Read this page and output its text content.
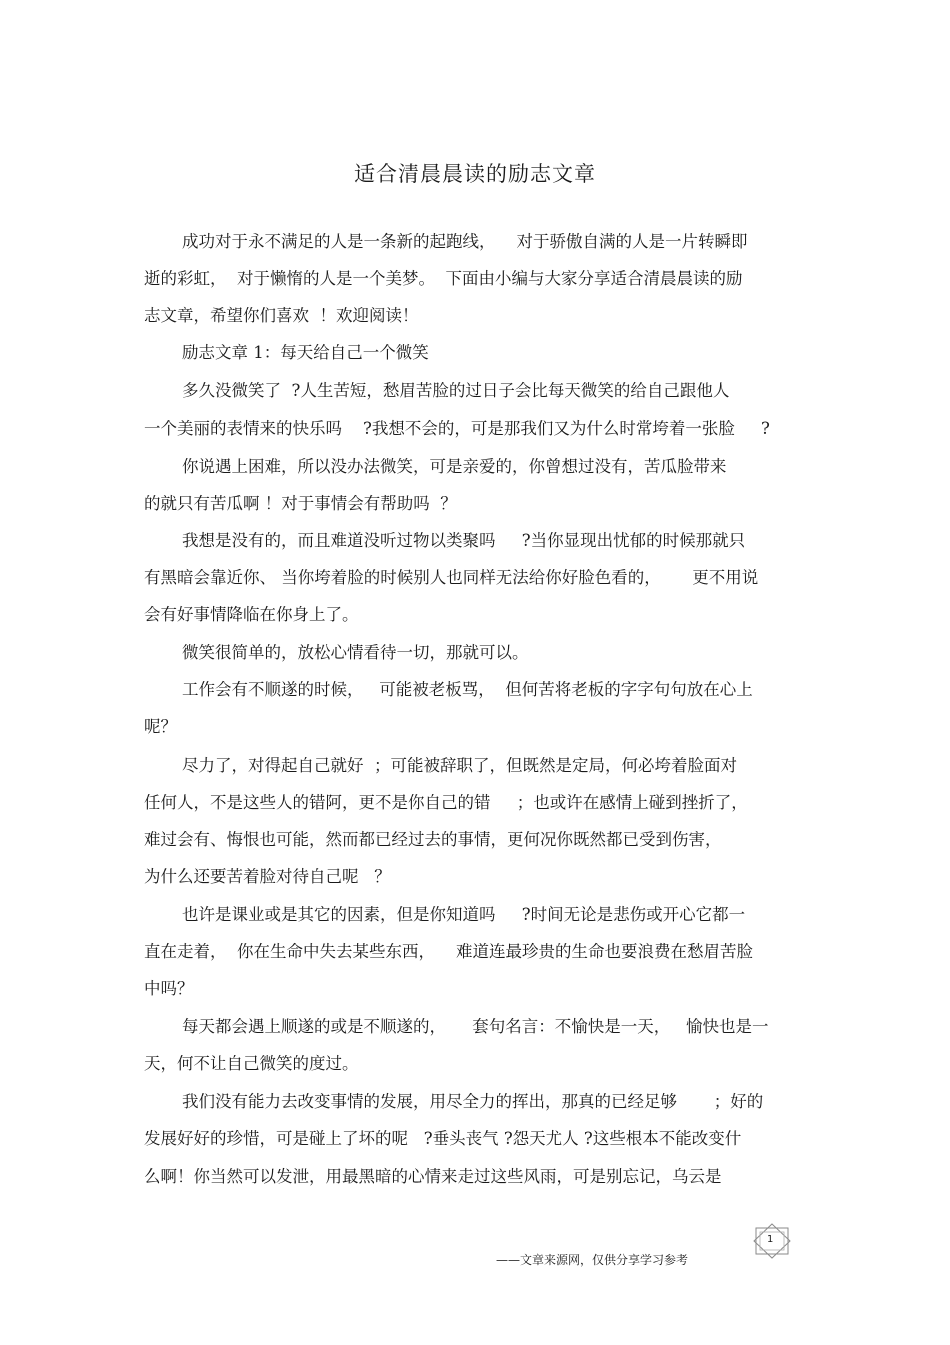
适合清晨晨读的励志文章
成功对于永不满足的人是一条新的起跑线，    对于骄傲自满的人是一片转瞬即
逝的彩虹，  对于懒惰的人是一个美梦。  下面由小编与大家分享适合清晨晨读的励
志文章，希望你们喜欢  ！欢迎阅读！
励志文章 1：每天给自己一个微笑
多久没微笑了  ?人生苦短，愁眉苦脸的过日子会比每天微笑的给自己跟他人
一个美丽的表情来的快乐吗    ?我想不会的，可是那我们又为什么时常垮着一张脸     ?
你说遇上困难，所以没办法微笑，可是亲爱的，你曾想过没有，苦瓜脸带来
的就只有苦瓜啊 ！对于事情会有帮助吗  ？
我想是没有的，而且难道没听过物以类聚吗     ?当你显现出忧郁的时候那就只
有黑暗会靠近你、 当你垮着脸的时候别人也同样无法给你好脸色看的，      更不用说
会有好事情降临在你身上了。
微笑很简单的，放松心情看待一切，那就可以。
工作会有不顺遂的时候，   可能被老板骂，  但何苦将老板的字字句句放在心上
呢？
尽力了，对得起自己就好  ；可能被辞职了，但既然是定局，何必垮着脸面对
任何人，不是这些人的错阿，更不是你自己的错     ；也或许在感情上碰到挫折了，
难过会有、悔恨也可能，然而都已经过去的事情，更何况你既然都已受到伤害，
为什么还要苦着脸对待自己呢   ？
也许是课业或是其它的因素，但是你知道吗     ?时间无论是悲伤或开心它都一
直在走着，  你在生命中失去某些东西，    难道连最珍贵的生命也要浪费在愁眉苦脸
中吗？
每天都会遇上顺遂的或是不顺遂的，     套句名言：不愉快是一天，   愉快也是一
天，何不让自己微笑的度过。
我们没有能力去改变事情的发展，用尽全力的挥出，那真的已经足够       ；好的
发展好好的珍惜，可是碰上了坏的呢   ?垂头丧气 ?怨天尤人 ?这些根本不能改变什
么啊！你当然可以发泄，用最黑暗的心情来走过这些风雨，可是别忘记，乌云是
——文章来源网，仅供分享学习参考
1
